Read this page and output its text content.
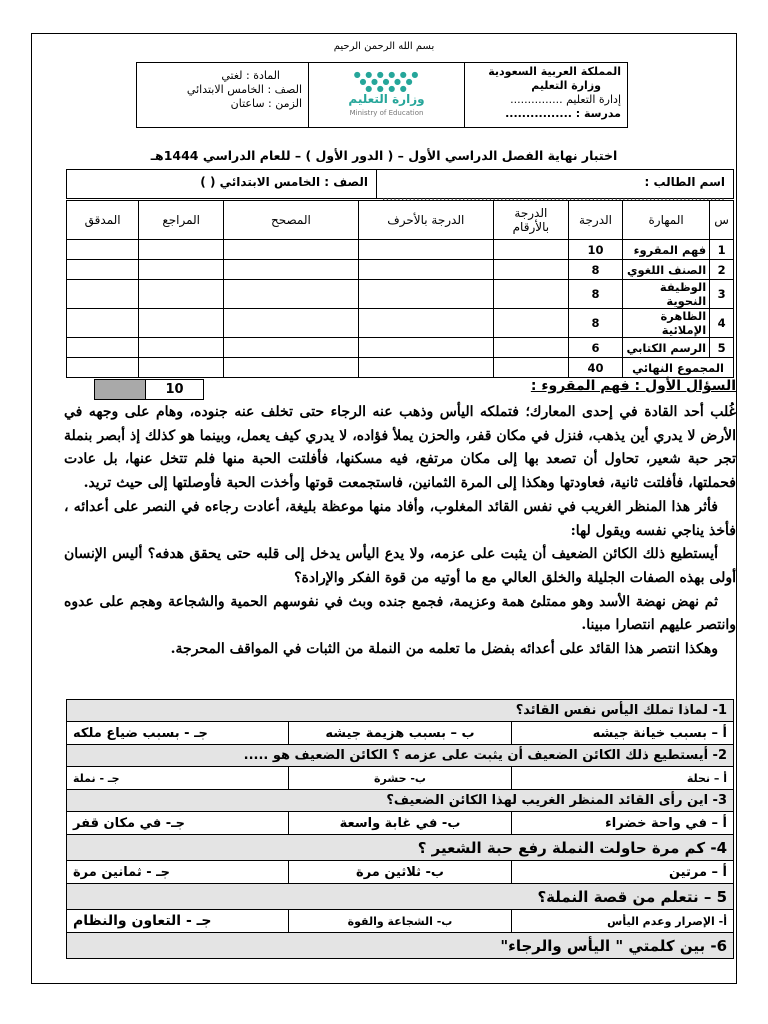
بسم الله الرحمن الرحيم
المملكة العربية السعودية
وزارة التعليم
إدارة التعليم ...............
مدرسة : ................
● ● ● ● ● ●
● ● ● ● ●
● ● ● ●
وزارة التعليم
Ministry of Education
المادة : لغتي
الصف : الخامس الابتدائي
الزمن : ساعتان
اختبار نهاية الفصل الدراسي الأول – ( الدور الأول ) – للعام الدراسي 1444هـ
اسم الطالب : ..........................................................................................
الصف : الخامس الابتدائي ( )
س	المهارة	الدرجة	الدرجة بالأرقام	الدرجة بالأحرف	المصحح	المراجع	المدقق
1	فهم المقروء	10					
2	الصنف اللغوي	8					
3	الوظيفة النحوية	8					
4	الظاهرة الإملائية	8					
5	الرسم الكتابي	6					
المجموع النهائي		40					
السؤال الأول : فهم المقروء :
10

غُلب أحد القادة في إحدى المعارك؛ فتملكه اليأس وذهب عنه الرجاء حتى تخلف عنه جنوده، وهام على وجهه في الأرض لا يدري أين يذهب، فنزل في مكان قفر، والحزن يملأ فؤاده، لا يدري كيف يعمل، وبينما هو كذلك إذ أبصر بنملة تجر حبة شعير، تحاول أن تصعد بها إلى مكان مرتفع، فيه مسكنها، فأفلتت الحبة منها فلم تتخل عنها، بل عادت فحملتها، فأفلتت ثانية، فعاودتها وهكذا إلى المرة الثمانين، فاستجمعت قوتها وأخذت الحبة فأوصلتها إلى حيث تريد.

فأثر هذا المنظر الغريب في نفس القائد المغلوب، وأفاد منها موعظة بليغة، أعادت رجاءه في النصر على أعدائه ، فأخذ يناجي نفسه ويقول لها:

أيستطيع ذلك الكائن الضعيف أن يثبت على عزمه، ولا يدع اليأس يدخل إلى قلبه حتى يحقق هدفه؟ أليس الإنسان أولى بهذه الصفات الجليلة والخلق العالي مع ما أوتيه من قوة الفكر والإرادة؟

ثم نهض نهضة الأسد وهو ممتلئ همة وعزيمة، فجمع جنده وبث في نفوسهم الحمية والشجاعة وهجم على عدوه وانتصر عليهم انتصارا مبينا.

وهكذا انتصر هذا القائد على أعدائه بفضل ما تعلمه من النملة من الثبات في المواقف المحرجة.

1- لماذا تملك اليأس نفس القائد؟		
أ – بسبب خيانة جيشه	ب – بسبب هزيمة جيشه	جـ - بسبب ضياع ملكه
2- أيستطيع ذلك الكائن الضعيف أن يثبت على عزمه ؟ الكائن الضعيف هو .....		
أ – نحلة	ب- حشرة	جـ - نملة
3- اين رأى القائد المنظر الغريب لهذا الكائن الضعيف؟		
أ – في واحة خضراء	ب- في غابة واسعة	جـ- في مكان قفر
4- كم مرة حاولت النملة رفع حبة الشعير ؟		
أ – مرتين	ب- ثلاثين مرة	جـ - ثمانين مرة
5 – نتعلم من قصة النملة؟		
أ- الإصرار وعدم اليأس	ب- الشجاعة والقوة	جـ - التعاون والنظام
6- بين كلمتي " اليأس والرجاء"		
